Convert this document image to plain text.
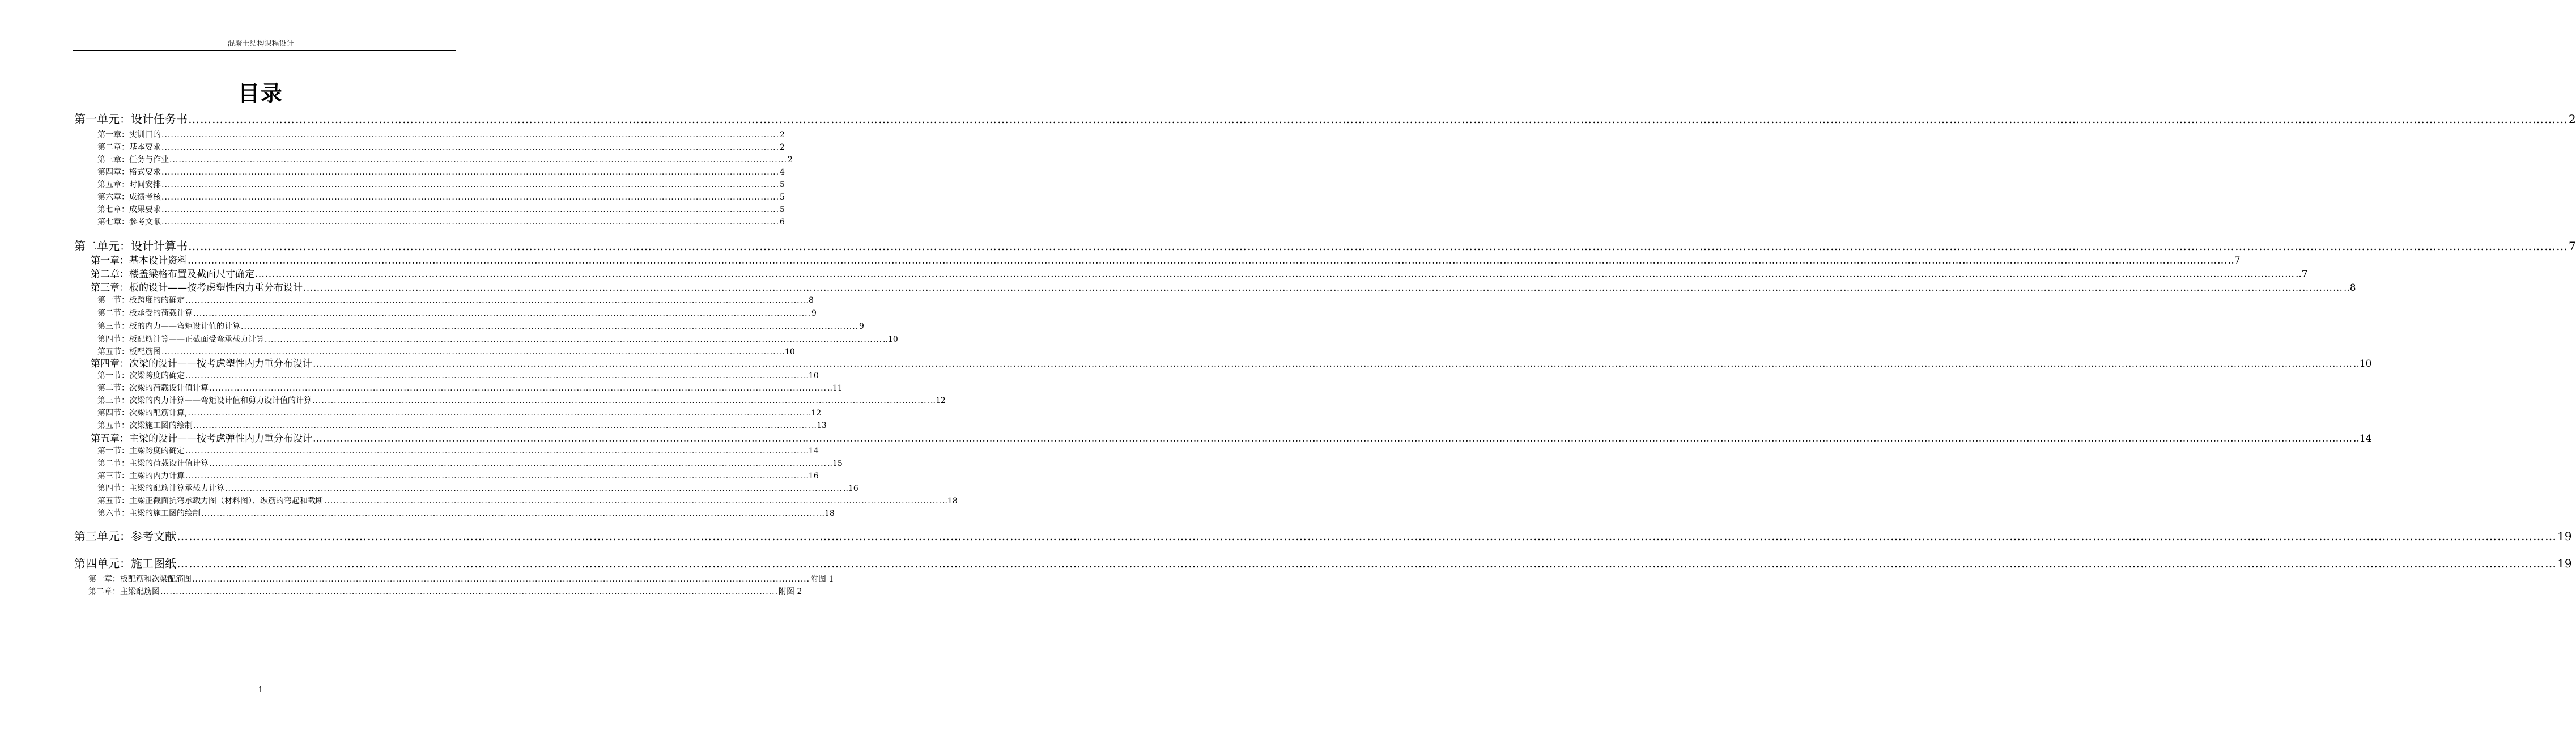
混凝土结构课程设计
目录
第一单元：设计任务书 …………………………………………………………………………………………………………………………………………………………………………………………………………………………………………………………………………………………………………………………………………………………………………………………………………………………………………………………………………………………………………………………………………………… 2
第一章：实训目的 ........................................................................................................................................................................................................ 2
第二章：基本要求 ........................................................................................................................................................................................................ 2
第三章：任务与作业 ........................................................................................................................................................................................................ 2
第四章：格式要求 ........................................................................................................................................................................................................ 4
第五章：时间安排 ........................................................................................................................................................................................................ 5
第六章：成绩考核 ........................................................................................................................................................................................................ 5
第七章：成果要求 ........................................................................................................................................................................................................ 5
第七章：参考文献 ........................................................................................................................................................................................................ 6
第二单元：设计计算书 …………………………………………………………………………………………………………………………………………………………………………………………………………………………………………………………………………………………………………………………………………………………………………………………………………………………………………………………………………………………………………………………………………………… 7
第一章：基本设计资料 …………………………………………………………………………………………………………………………………………………………………………………………………………………………………………………………………………………………………………………………………………………………………………………………………………………………………………………………………………………………………………………………………………………… ..7
第二章：楼盖梁格布置及截面尺寸确定 …………………………………………………………………………………………………………………………………………………………………………………………………………………………………………………………………………………………………………………………………………………………………………………………………………………………………………………………………………………………………………………………………………………… ..7
第三章：板的设计——按考虑塑性内力重分布设计 …………………………………………………………………………………………………………………………………………………………………………………………………………………………………………………………………………………………………………………………………………………………………………………………………………………………………………………………………………………………………………………………………………………… ..8
第一节：板跨度的的确定 ........................................................................................................................................................................................................ ..8
第二节：板承受的荷载计算 ........................................................................................................................................................................................................ 9
第三节：板的内力——弯矩设计值的计算 ........................................................................................................................................................................................................ 9
第四节：板配筋计算——正截面受弯承载力计算 ........................................................................................................................................................................................................ ..10
第五节：板配筋图 ........................................................................................................................................................................................................ ..10
第四章：次梁的设计——按考虑塑性内力重分布设计 …………………………………………………………………………………………………………………………………………………………………………………………………………………………………………………………………………………………………………………………………………………………………………………………………………………………………………………………………………………………………………………………………………………… ..10
第一节：次梁跨度的确定 ........................................................................................................................................................................................................ ..10
第二节：次梁的荷载设计值计算 ........................................................................................................................................................................................................ ..11
第三节：次梁的内力计算——弯矩设计值和剪力设计值的计算 ........................................................................................................................................................................................................ ..12
第四节：次梁的配筋计算, ........................................................................................................................................................................................................ ..12
第五节：次梁施工图的绘制 ........................................................................................................................................................................................................ ..13
第五章：主梁的设计——按考虑弹性内力重分布设计 …………………………………………………………………………………………………………………………………………………………………………………………………………………………………………………………………………………………………………………………………………………………………………………………………………………………………………………………………………………………………………………………………………………… ..14
第一节：主梁跨度的确定 ........................................................................................................................................................................................................ ..14
第二节：主梁的荷载设计值计算 ........................................................................................................................................................................................................ ..15
第三节：主梁的内力计算 ........................................................................................................................................................................................................ ..16
第四节：主梁的配筋计算承载力计算 ........................................................................................................................................................................................................ ..16
第五节：主梁正截面抗弯承载力图（材料图）、纵筋的弯起和截断 ........................................................................................................................................................................................................ ..18
第六节：主梁的施工图的绘制 ........................................................................................................................................................................................................ ..18
第三单元：参考文献 …………………………………………………………………………………………………………………………………………………………………………………………………………………………………………………………………………………………………………………………………………………………………………………………………………………………………………………………………………………………………………………………………………………… 19
第四单元：施工图纸 …………………………………………………………………………………………………………………………………………………………………………………………………………………………………………………………………………………………………………………………………………………………………………………………………………………………………………………………………………………………………………………………………………………… 19
第一章：板配筋和次梁配筋图 ........................................................................................................................................................................................................ 附图 1
第二章：主梁配筋图 ........................................................................................................................................................................................................ 附图 2
- 1 -
